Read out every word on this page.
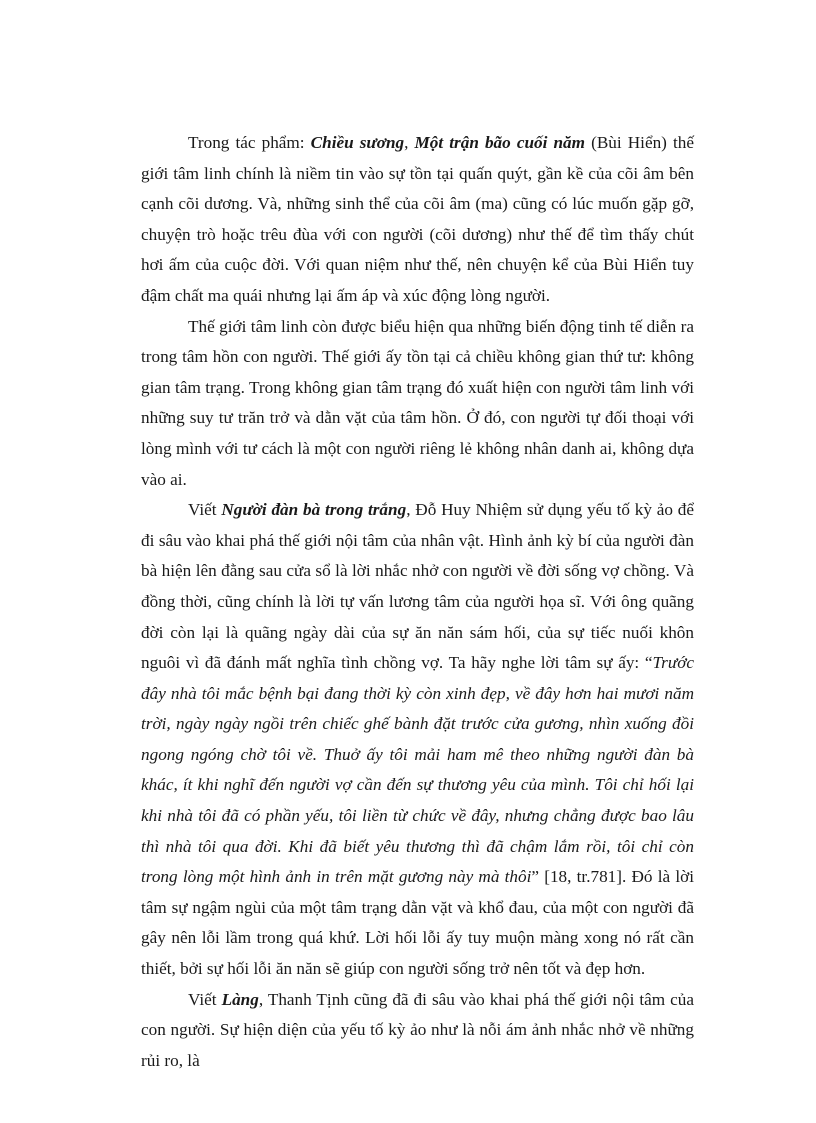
Trong tác phẩm: Chiều sương, Một trận bão cuối năm (Bùi Hiển) thế giới tâm linh chính là niềm tin vào sự tồn tại quấn quýt, gần kề của cõi âm bên cạnh cõi dương. Và, những sinh thể của cõi âm (ma) cũng có lúc muốn gặp gỡ, chuyện trò hoặc trêu đùa với con người (cõi dương) như thế để tìm thấy chút hơi ấm của cuộc đời. Với quan niệm như thế, nên chuyện kể của Bùi Hiển tuy đậm chất ma quái nhưng lại ấm áp và xúc động lòng người.

Thế giới tâm linh còn được biểu hiện qua những biến động tinh tế diễn ra trong tâm hồn con người. Thế giới ấy tồn tại cả chiều không gian thứ tư: không gian tâm trạng. Trong không gian tâm trạng đó xuất hiện con người tâm linh với những suy tư trăn trở và dằn vặt của tâm hồn. Ở đó, con người tự đối thoại với lòng mình với tư cách là một con người riêng lẻ không nhân danh ai, không dựa vào ai.

Viết Người đàn bà trong trắng, Đỗ Huy Nhiệm sử dụng yếu tố kỳ ảo để đi sâu vào khai phá thế giới nội tâm của nhân vật. Hình ảnh kỳ bí của người đàn bà hiện lên đằng sau cửa sổ là lời nhắc nhở con người về đời sống vợ chồng. Và đồng thời, cũng chính là lời tự vấn lương tâm của người họa sĩ. Với ông quãng đời còn lại là quãng ngày dài của sự ăn năn sám hối, của sự tiếc nuối khôn nguôi vì đã đánh mất nghĩa tình chồng vợ. Ta hãy nghe lời tâm sự ấy: “Trước đây nhà tôi mắc bệnh bại đang thời kỳ còn xinh đẹp, về đây hơn hai mươi năm trời, ngày ngày ngồi trên chiếc ghế bành đặt trước cửa gương, nhìn xuống đồi ngong ngóng chờ tôi về. Thuở ấy tôi mải ham mê theo những người đàn bà khác, ít khi nghĩ đến người vợ cần đến sự thương yêu của mình. Tôi chỉ hối lại khi nhà tôi đã có phần yếu, tôi liền từ chức về đây, nhưng chẳng được bao lâu thì nhà tôi qua đời. Khi đã biết yêu thương thì đã chậm lắm rồi, tôi chỉ còn trong lòng một hình ảnh in trên mặt gương này mà thôi” [18, tr.781]. Đó là lời tâm sự ngậm ngùi của một tâm trạng dằn vặt và khổ đau, của một con người đã gây nên lỗi lầm trong quá khứ. Lời hối lỗi ấy tuy muộn màng xong nó rất cần thiết, bởi sự hối lỗi ăn năn sẽ giúp con người sống trở nên tốt và đẹp hơn.

Viết Làng, Thanh Tịnh cũng đã đi sâu vào khai phá thế giới nội tâm của con người. Sự hiện diện của yếu tố kỳ ảo như là nỗi ám ảnh nhắc nhở về những rủi ro, là
